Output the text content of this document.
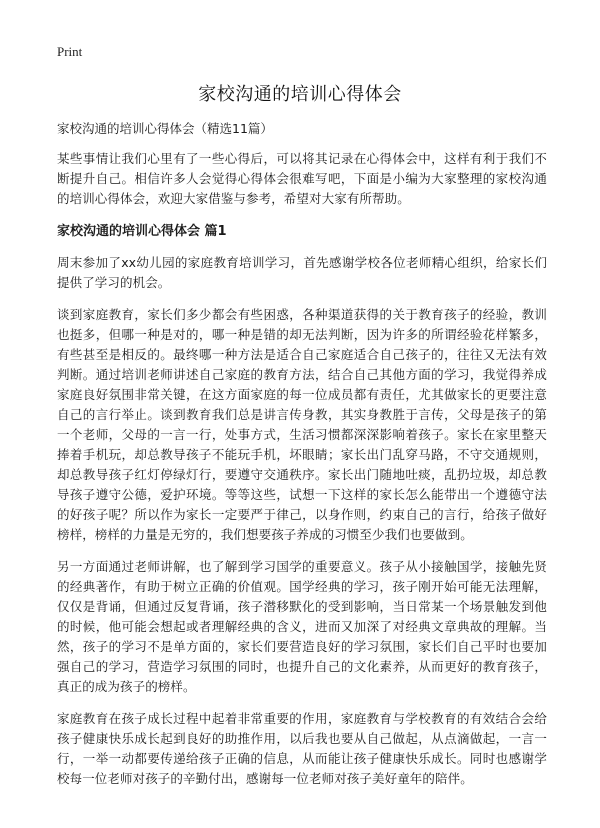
Print
家校沟通的培训心得体会
家校沟通的培训心得体会（精选11篇）

某些事情让我们心里有了一些心得后，可以将其记录在心得体会中，这样有利于我们不断提升自己。相信许多人会觉得心得体会很难写吧，下面是小编为大家整理的家校沟通的培训心得体会，欢迎大家借鉴与参考，希望对大家有所帮助。

家校沟通的培训心得体会 篇1

周末参加了xx幼儿园的家庭教育培训学习，首先感谢学校各位老师精心组织，给家长们提供了学习的机会。

谈到家庭教育，家长们多少都会有些困惑，各种渠道获得的关于教育孩子的经验，教训也挺多，但哪一种是对的，哪一种是错的却无法判断，因为许多的所谓经验花样繁多，有些甚至是相反的。最终哪一种方法是适合自己家庭适合自己孩子的，往往又无法有效判断。通过培训老师讲述自己家庭的教育方法，结合自己其他方面的学习，我觉得养成家庭良好氛围非常关键，在这方面家庭的每一位成员都有责任，尤其做家长的更要注意自己的言行举止。谈到教育我们总是讲言传身教，其实身教胜于言传，父母是孩子的第一个老师，父母的一言一行，处事方式，生活习惯都深深影响着孩子。家长在家里整天捧着手机玩，却总教导孩子不能玩手机，坏眼睛；家长出门乱穿马路，不守交通规则，却总教导孩子红灯停绿灯行，要遵守交通秩序。家长出门随地吐痰，乱扔垃圾，却总教导孩子遵守公德，爱护环境。等等这些，试想一下这样的家长怎么能带出一个遵德守法的好孩子呢？所以作为家长一定要严于律己，以身作则，约束自己的言行，给孩子做好榜样，榜样的力量是无穷的，我们想要孩子养成的习惯至少我们也要做到。

另一方面通过老师讲解，也了解到学习国学的重要意义。孩子从小接触国学，接触先贤的经典著作，有助于树立正确的价值观。国学经典的学习，孩子刚开始可能无法理解，仅仅是背诵，但通过反复背诵，孩子潜移默化的受到影响，当日常某一个场景触发到他的时候，他可能会想起或者理解经典的含义，进而又加深了对经典文章典故的理解。当然，孩子的学习不是单方面的，家长们要营造良好的学习氛围，家长们自己平时也要加强自己的学习，营造学习氛围的同时，也提升自己的文化素养，从而更好的教育孩子，真正的成为孩子的榜样。

家庭教育在孩子成长过程中起着非常重要的作用，家庭教育与学校教育的有效结合会给孩子健康快乐成长起到良好的助推作用，以后我也要从自己做起，从点滴做起，一言一行，一举一动都要传递给孩子正确的信息，从而能让孩子健康快乐成长。同时也感谢学校每一位老师对孩子的辛勤付出，感谢每一位老师对孩子美好童年的陪伴。
